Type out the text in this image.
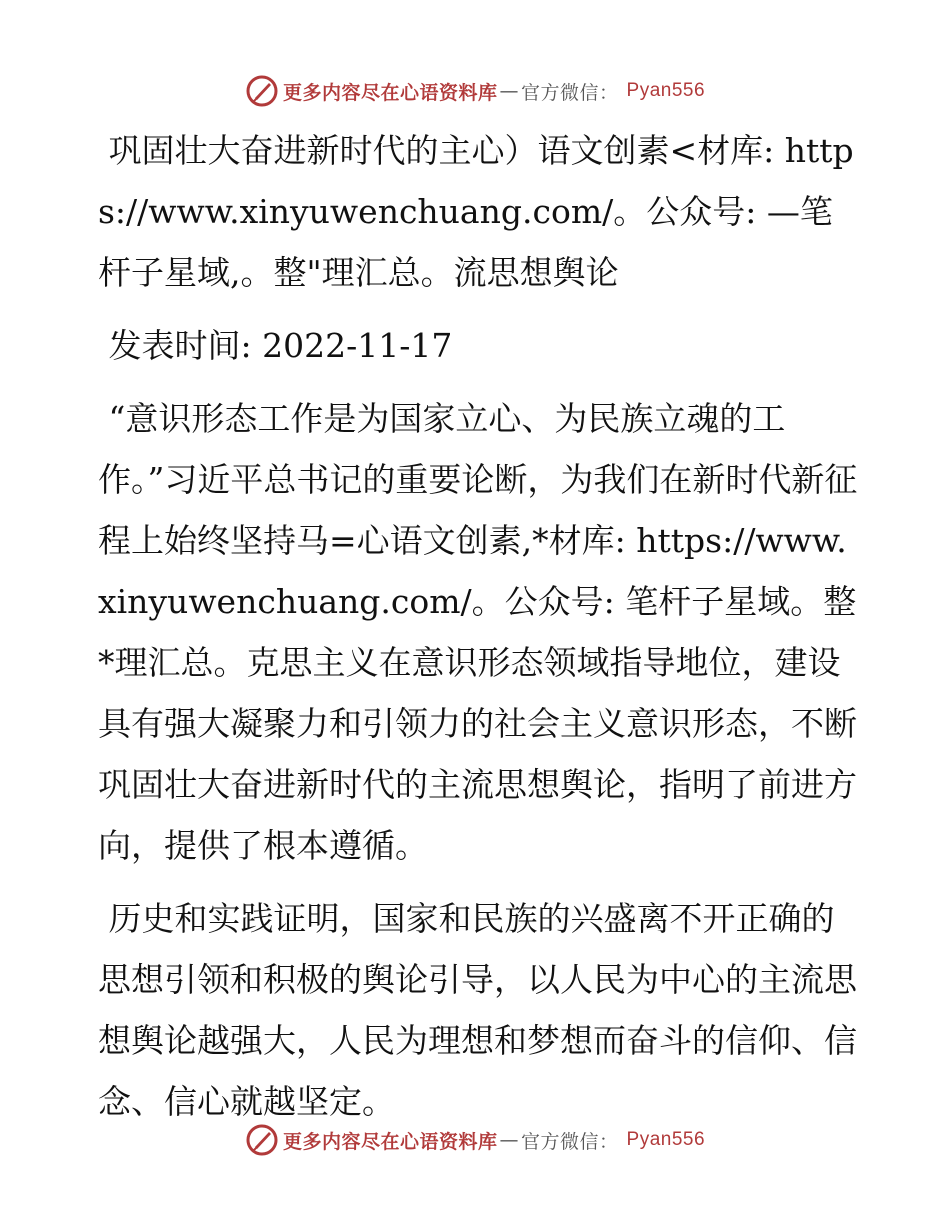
更多内容尽在心语资料库 — 官方微信 ： Pyan556

巩固壮大奋进新时代的主心）语文创素<材库: https://www.xinyuwenchuang.com/。公众号: —笔杆子星域,。整"理汇总。流思想舆论

发表时间: 2022-11-17

“意识形态工作是为国家立心、为民族立魂的工作。”习近平总书记的重要论断，为我们在新时代新征程上始终坚持马=心语文创素,*材库: https://www.xinyuwenchuang.com/。公众号: 笔杆子星域。整*理汇总。克思主义在意识形态领域指导地位，建设具有强大凝聚力和引领力的社会主义意识形态，不断巩固壮大奋进新时代的主流思想舆论，指明了前进方向，提供了根本遵循。

历史和实践证明，国家和民族的兴盛离不开正确的思想引领和积极的舆论引导，以人民为中心的主流思想舆论越强大，人民为理想和梦想而奋斗的信仰、信念、信心就越坚定。

更多内容尽在心语资料库 — 官方微信 ： Pyan556
